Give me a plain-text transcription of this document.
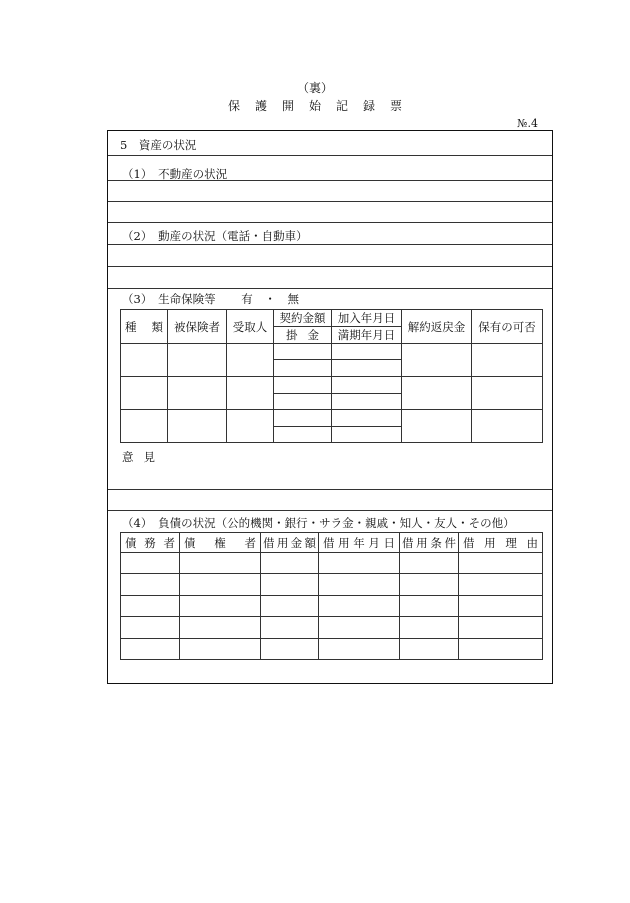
（裏）
保護開始記録票
№.4
5　資産の状況
（1）　不動産の状況
（2）　動産の状況（電話・自動車）
（3）　生命保険等 有 ・ 無
種 類	被保険者	受取人	契約金額	加入年月日	解約返戻金	保有の可否

			掛 金	満期年月日		

意 見
（4）　負債の状況（公的機関・銀行・サラ金・親戚・知人・友人・その他）
債 務 者	債 権 者	借 用 金 額	借 用 年 月 日	借 用 条 件	借 用 理 由
